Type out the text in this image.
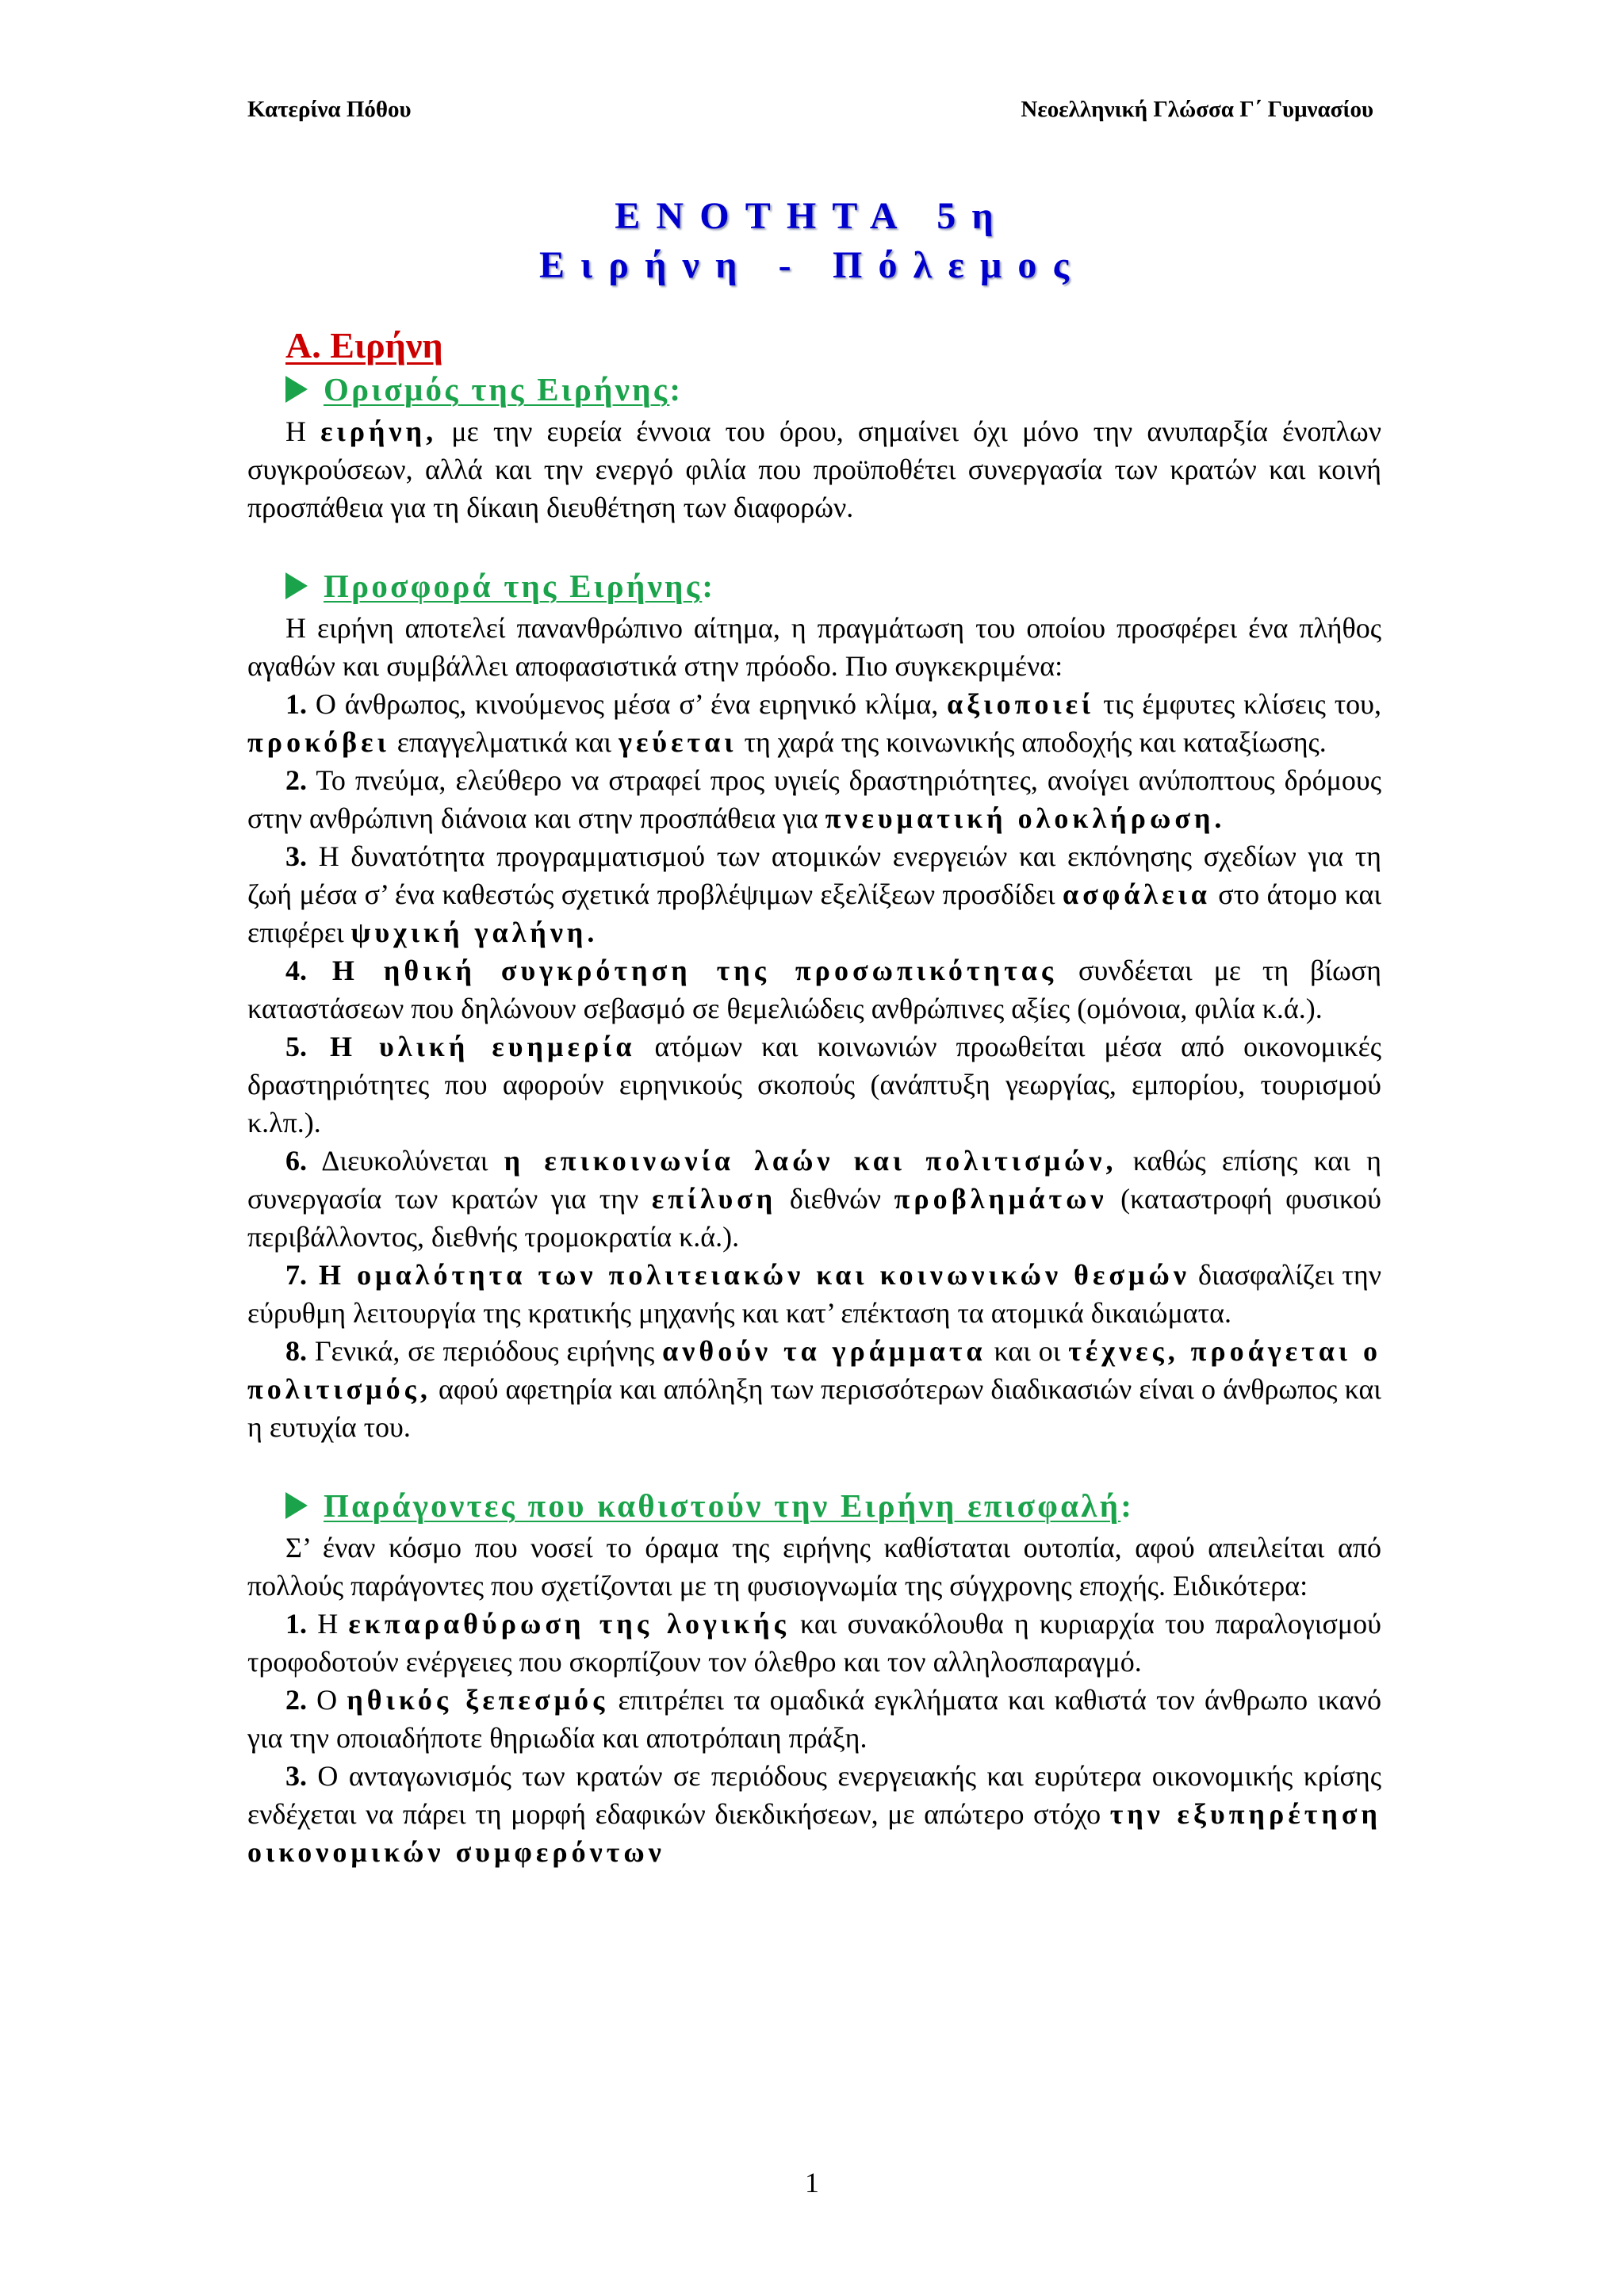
Κατερίνα Πόθου	Νεοελληνική Γλώσσα Γ΄ Γυμνασίου
ΕΝΟΤΗΤΑ 5η
Ειρήνη - Πόλεμος
Α. Ειρήνη
Ορισμός της Ειρήνης :

Η ειρήνη, με την ευρεία έννοια του όρου, σημαίνει όχι μόνο την ανυπαρξία ένοπλων συγκρούσεων, αλλά και την ενεργό φιλία που προϋποθέτει συνεργασία των κρατών και κοινή προσπάθεια για τη δίκαιη διευθέτηση των διαφορών.

Προσφορά της Ειρήνης :

Η ειρήνη αποτελεί πανανθρώπινο αίτημα, η πραγμάτωση του οποίου προσφέρει ένα πλήθος αγαθών και συμβάλλει αποφασιστικά στην πρόοδο. Πιο συγκεκριμένα:

1. Ο άνθρωπος, κινούμενος μέσα σ’ ένα ειρηνικό κλίμα, αξιοποιεί τις έμφυτες κλίσεις του, προκόβει επαγγελματικά και γεύεται τη χαρά της κοινωνικής αποδοχής και καταξίωσης.

2. Το πνεύμα, ελεύθερο να στραφεί προς υγιείς δραστηριότητες, ανοίγει ανύποπτους δρόμους στην ανθρώπινη διάνοια και στην προσπάθεια για πνευματική ολοκλήρωση.

3. Η δυνατότητα προγραμματισμού των ατομικών ενεργειών και εκπόνησης σχεδίων για τη ζωή μέσα σ’ ένα καθεστώς σχετικά προβλέψιμων εξελίξεων προσδίδει ασφάλεια στο άτομο και επιφέρει ψυχική γαλήνη.

4. Η ηθική συγκρότηση της προσωπικότητας συνδέεται με τη βίωση καταστάσεων που δηλώνουν σεβασμό σε θεμελιώδεις ανθρώπινες αξίες (ομόνοια, φιλία κ.ά.).

5. Η υλική ευημερία ατόμων και κοινωνιών προωθείται μέσα από οικονομικές δραστηριότητες που αφορούν ειρηνικούς σκοπούς (ανάπτυξη γεωργίας, εμπορίου, τουρισμού κ.λπ.).

6. Διευκολύνεται η επικοινωνία λαών και πολιτισμών, καθώς επίσης και η συνεργασία των κρατών για την επίλυση διεθνών προβλημάτων (καταστροφή φυσικού περιβάλλοντος, διεθνής τρομοκρατία κ.ά.).

7. Η ομαλότητα των πολιτειακών και κοινωνικών θεσμών διασφαλίζει την εύρυθμη λειτουργία της κρατικής μηχανής και κατ’ επέκταση τα ατομικά δικαιώματα.

8. Γενικά, σε περιόδους ειρήνης ανθούν τα γράμματα και οι τέχνες, προάγεται ο πολιτισμός, αφού αφετηρία και απόληξη των περισσότερων διαδικασιών είναι ο άνθρωπος και η ευτυχία του.

Παράγοντες που καθιστούν την Ειρήνη επισφαλή :

Σ’ έναν κόσμο που νοσεί το όραμα της ειρήνης καθίσταται ουτοπία, αφού απειλείται από πολλούς παράγοντες που σχετίζονται με τη φυσιογνωμία της σύγχρονης εποχής. Ειδικότερα:

1. Η εκπαραθύρωση της λογικής και συνακόλουθα η κυριαρχία του παραλογισμού τροφοδοτούν ενέργειες που σκορπίζουν τον όλεθρο και τον αλληλοσπαραγμό.

2. Ο ηθικός ξεπεσμός επιτρέπει τα ομαδικά εγκλήματα και καθιστά τον άνθρωπο ικανό για την οποιαδήποτε θηριωδία και αποτρόπαιη πράξη.

3. Ο ανταγωνισμός των κρατών σε περιόδους ενεργειακής και ευρύτερα οικονομικής κρίσης ενδέχεται να πάρει τη μορφή εδαφικών διεκδικήσεων, με απώτερο στόχο την εξυπηρέτηση οικονομικών συμφερόντων

1
